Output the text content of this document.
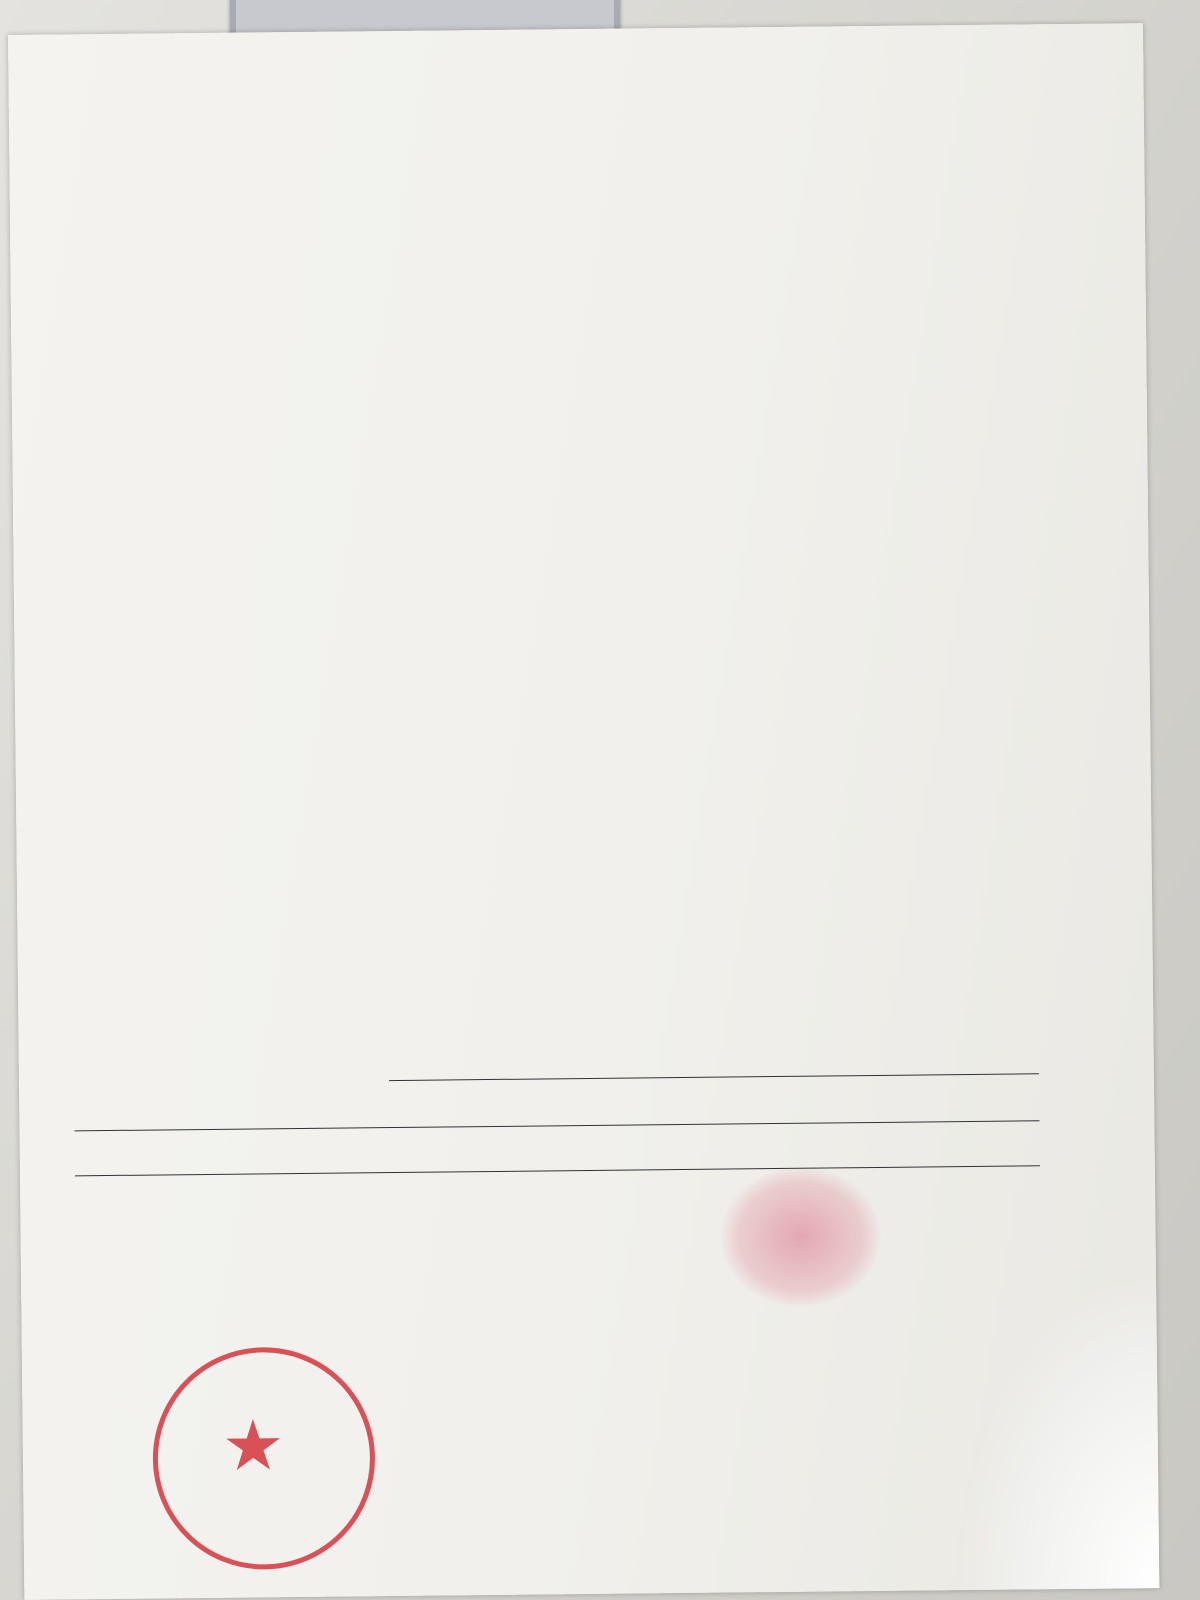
★
